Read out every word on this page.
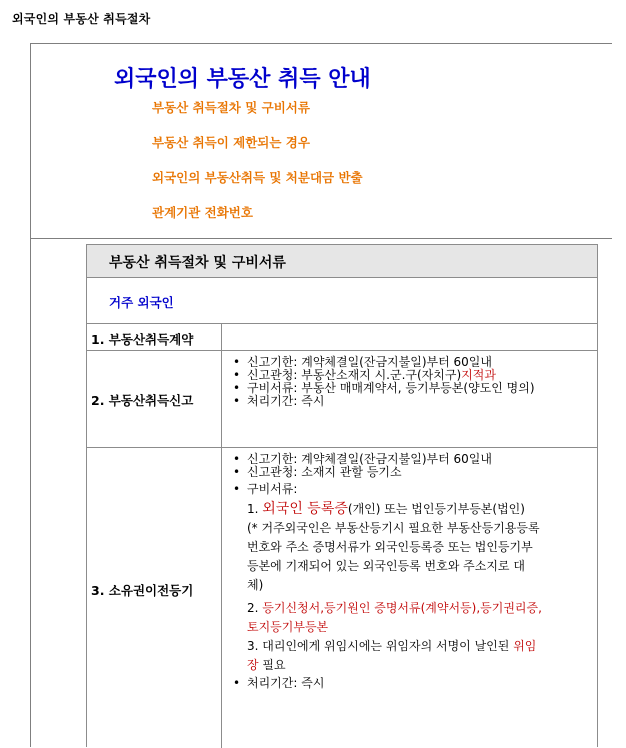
외국인의 부동산 취득절차
외국인의 부동산 취득 안내
부동산 취득절차 및 구비서류
부동산 취득이 제한되는 경우
외국인의 부동산취득 및 처분대금 반출
관계기관 전화번호
부동산 취득절차 및 구비서류
거주 외국인
1. 부동산취득계약
2. 부동산취득신고
• 신고기한: 계약체결일(잔금지불일)부터 60일내
• 신고관청: 부동산소재지 시.군.구(자치구)지적과
• 구비서류: 부동산 매매계약서, 등기부등본(양도인 명의)
• 처리기간: 즉시
3. 소유권이전등기
• 신고기한: 계약체결일(잔금지불일)부터 60일내
• 신고관청: 소재지 관할 등기소
• 구비서류:
1. 외국인 등록증(개인) 또는 법인등기부등본(법인)
(* 거주외국인은 부동산등기시 필요한 부동산등기용등록
번호와 주소 증명서류가 외국인등록증 또는 법인등기부
등본에 기재되어 있는 외국인등록 번호와 주소지로 대
체)
2. 등기신청서,등기원인 증명서류(계약서등),등기권리증,
토지등기부등본
3. 대리인에게 위임시에는 위임자의 서명이 날인된 위임
장 필요
• 처리기간: 즉시
